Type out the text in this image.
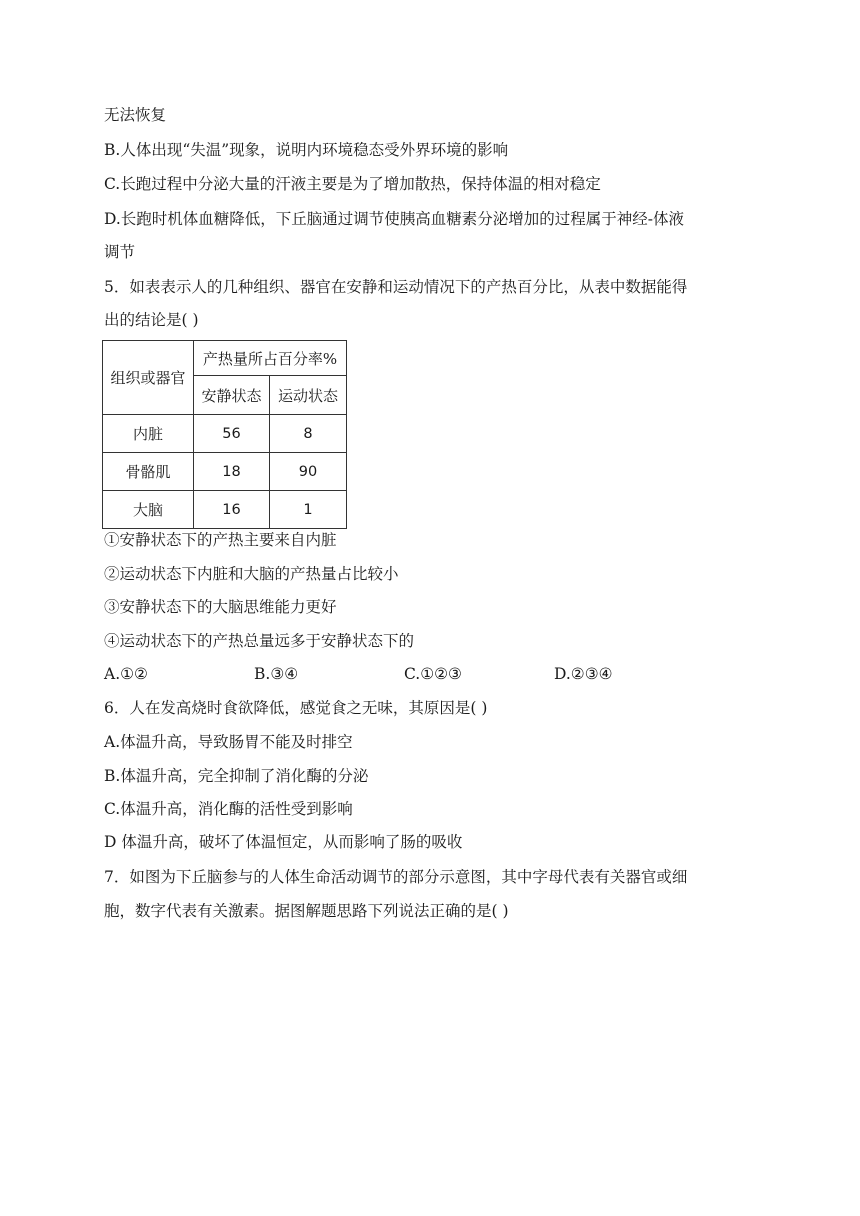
无法恢复
B.人体出现“失温”现象，说明内环境稳态受外界环境的影响
C.长跑过程中分泌大量的汗液主要是为了增加散热，保持体温的相对稳定
D.长跑时机体血糖降低，下丘脑通过调节使胰高血糖素分泌增加的过程属于神经-体液
调节
5．如表表示人的几种组织、器官在安静和运动情况下的产热百分比，从表中数据能得
出的结论是( )
组织或器官	产热量所占百分率%	
	安静状态	运动状态
内脏	56	8
骨骼肌	18	90
大脑	16	1
①安静状态下的产热主要来自内脏
②运动状态下内脏和大脑的产热量占比较小
③安静状态下的大脑思维能力更好
④运动状态下的产热总量远多于安静状态下的
A.①②	B.③④	C.①②③	D.②③④
6．人在发高烧时食欲降低，感觉食之无味，其原因是( )
A.体温升高，导致肠胃不能及时排空
B.体温升高，完全抑制了消化酶的分泌
C.体温升高，消化酶的活性受到影响
D 体温升高，破坏了体温恒定，从而影响了肠的吸收
7．如图为下丘脑参与的人体生命活动调节的部分示意图，其中字母代表有关器官或细
胞，数字代表有关激素。据图解题思路下列说法正确的是( )
